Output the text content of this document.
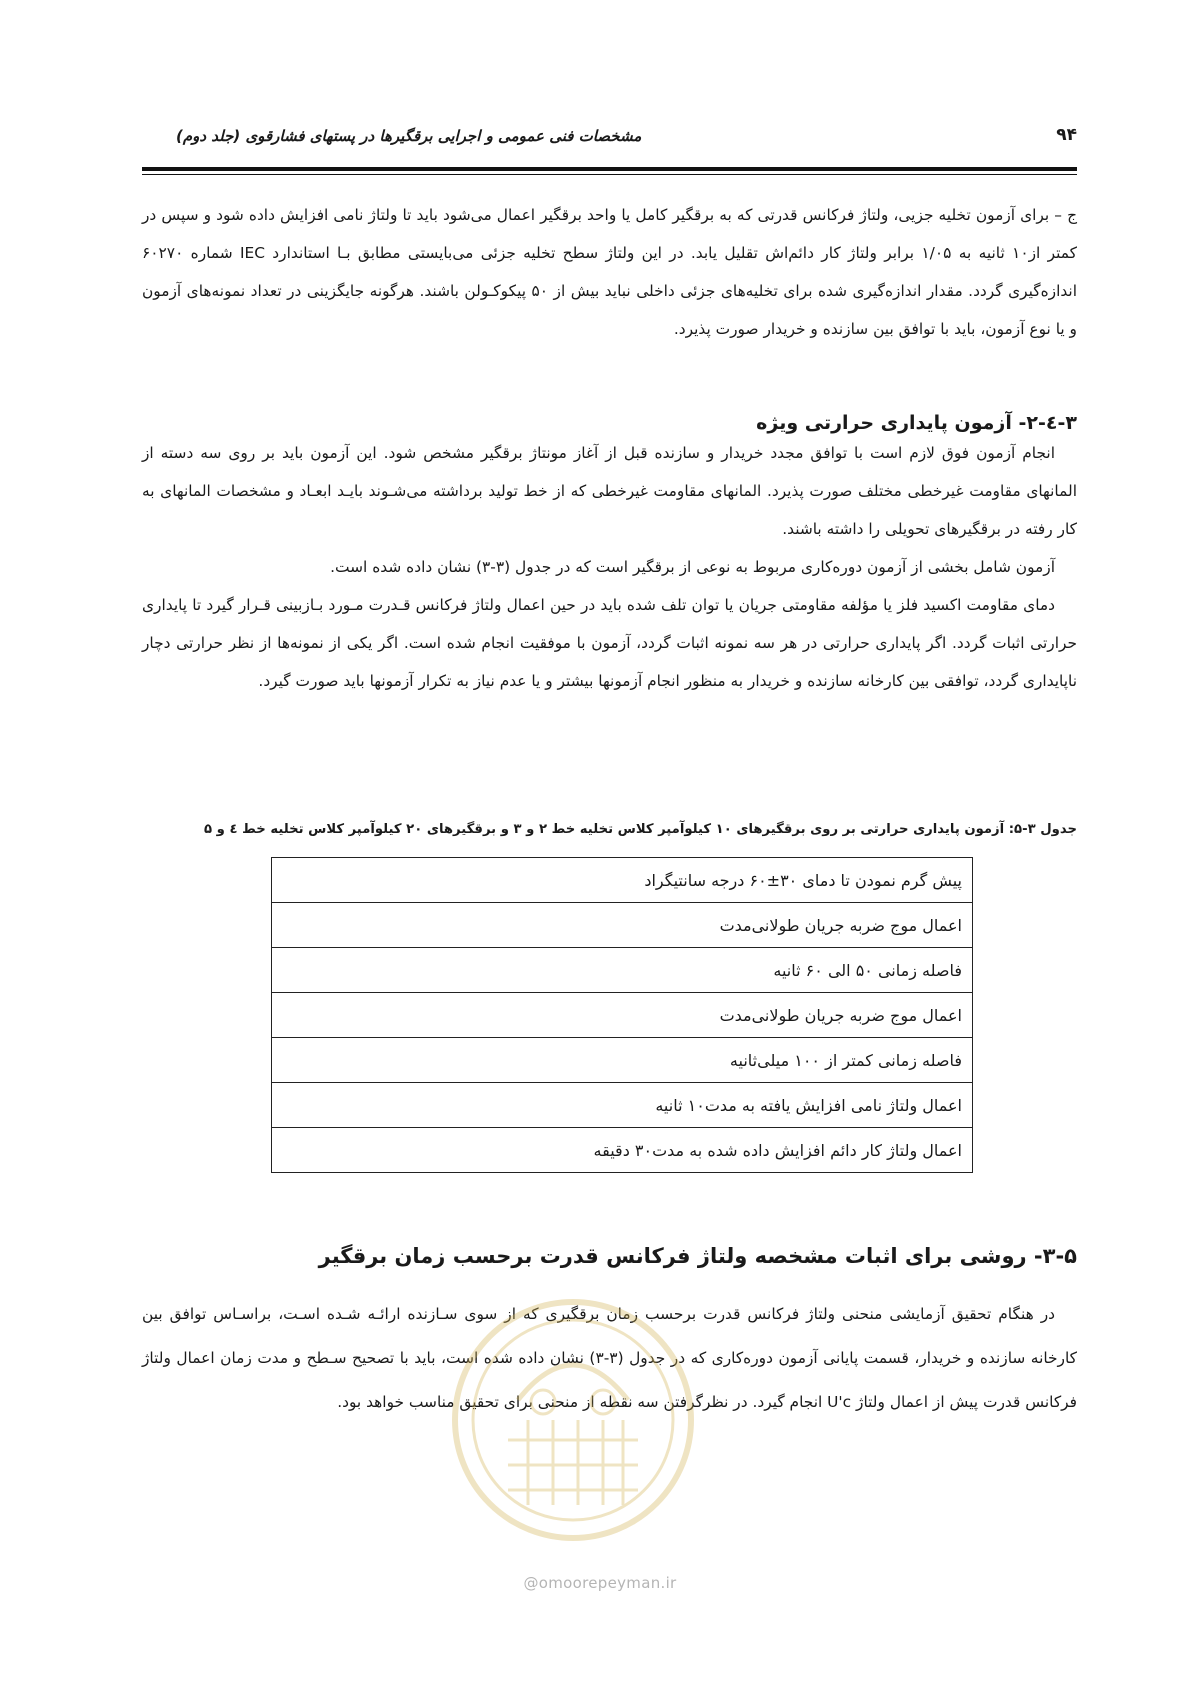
۹۴
مشخصات فنی عمومی و اجرایی برقگیرها در پستهای فشارقوی (جلد دوم)

ج – برای آزمون تخلیه جزیی، ولتاژ فرکانس قدرتی که به برقگیر کامل یا واحد برقگیر اعمال می‌شود باید تا ولتاژ نامی افزایش داده شود و سپس در کمتر از۱۰ ثانیه به ۱/۰۵ برابر ولتاژ کار دائم‌اش تقلیل یابد. در این ولتاژ سطح تخلیه جزئی می‌بایستی مطابق بـا استاندارد IEC شماره ۶۰۲۷۰ اندازه‌گیری گردد. مقدار اندازه‌گیری شده برای تخلیه‌های جزئی داخلی نباید بیش از ۵۰ پیکوکـولن باشند. هرگونه جایگزینی در تعداد نمونه‌های آزمون و یا نوع آزمون، باید با توافق بین سازنده و خریدار صورت پذیرد.

۳-٤-۲- آزمون پایداری حرارتی ویژه

انجام آزمون فوق لازم است با توافق مجدد خریدار و سازنده قبل از آغاز مونتاژ برقگیر مشخص شود. این آزمون باید بر روی سه دسته از المانهای مقاومت غیرخطی مختلف صورت پذیرد. المانهای مقاومت غیرخطی که از خط تولید برداشته می‌شـوند بایـد ابعـاد و مشخصات المانهای به کار رفته در برقگیرهای تحویلی را داشته باشند.

آزمون شامل بخشی از آزمون دوره‌کاری مربوط به نوعی از برقگیر است که در جدول (۳-۳) نشان داده شده است.

دمای مقاومت اکسید فلز یا مؤلفه مقاومتی جریان یا توان تلف شده باید در حین اعمال ولتاژ فرکانس قـدرت مـورد بـازبینی قـرار گیرد تا پایداری حرارتی اثبات گردد. اگر پایداری حرارتی در هر سه نمونه اثبات گردد، آزمون با موفقیت انجام شده است. اگر یکی از نمونه‌ها از نظر حرارتی دچار ناپایداری گردد، توافقی بین کارخانه سازنده و خریدار به منظور انجام آزمونها بیشتر و یا عدم نیاز به تکرار آزمونها باید صورت گیرد.

جدول ۳-۵: آزمون پایداری حرارتی بر روی برقگیرهای ۱۰ کیلوآمپر کلاس تخلیه خط ۲ و ۳ و برقگیرهای ۲۰ کیلوآمپر کلاس تخلیه خط ٤ و ۵
پیش گرم نمودن تا دمای ۳۰±۶۰ درجه سانتیگراد
اعمال موج ضربه جریان طولانی‌مدت
فاصله زمانی ۵۰ الی ۶۰ ثانیه
اعمال موج ضربه جریان طولانی‌مدت
فاصله زمانی کمتر از ۱۰۰ میلی‌ثانیه
اعمال ولتاژ نامی افزایش یافته به مدت۱۰ ثانیه
اعمال ولتاژ کار دائم افزایش داده شده به مدت۳۰ دقیقه
۳-۵- روشی برای اثبات مشخصه ولتاژ فرکانس قدرت برحسب زمان برقگیر

در هنگام تحقیق آزمایشی منحنی ولتاژ فرکانس قدرت برحسب زمان برقگیری که از سوی سـازنده ارائـه شـده اسـت، براسـاس توافق بین کارخانه سازنده و خریدار، قسمت پایانی آزمون دوره‌کاری که در جدول (۳-۳) نشان داده شده است، باید با تصحیح سـطح و مدت زمان اعمال ولتاژ فرکانس قدرت پیش از اعمال ولتاژ U'c انجام گیرد. در نظرگرفتن سه نقطه از منحنی برای تحقیق مناسب خواهد بود.

@omoorepeyman.ir
